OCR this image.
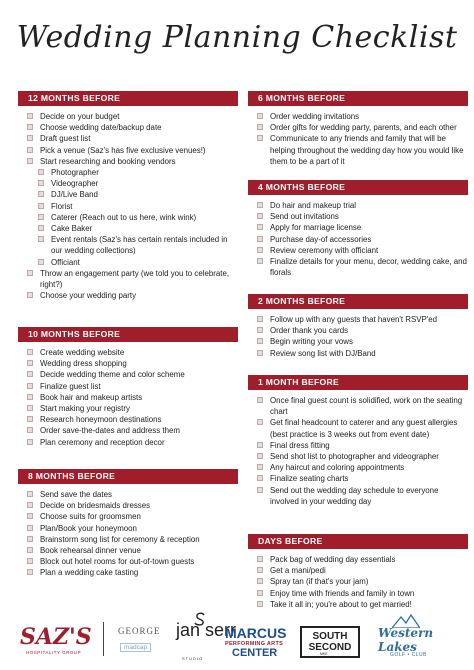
Wedding Planning Checklist
12 MONTHS BEFORE
Decide on your budget
Choose wedding date/backup date
Draft guest list
Pick a venue (Saz's has five exclusive venues!)
Start researching and booking vendors
Photographer
Videographer
DJ/Live Band
Florist
Caterer (Reach out to us here, wink wink)
Cake Baker
Event rentals (Saz's has certain rentals included in our wedding collections)
Officiant
Throw an engagement party (we told you to celebrate, right?)
Choose your wedding party
10 MONTHS BEFORE
Create wedding website
Wedding dress shopping
Decide wedding theme and color scheme
Finalize guest list
Book hair and makeup artists
Start making your registry
Research honeymoon destinations
Order save-the-dates and address them
Plan ceremony and reception decor
8 MONTHS BEFORE
Send save the dates
Decide on bridesmaids dresses
Choose suits for groomsmen
Plan/Book your honeymoon
Brainstorm song list for ceremony & reception
Book rehearsal dinner venue
Block out hotel rooms for out-of-town guests
Plan a wedding cake tasting
6 MONTHS BEFORE
Order wedding invitations
Order gifts for wedding party, parents, and each other
Communicate to any friends and family that will be helping throughout the wedding day how you would like them to be a part of it
4 MONTHS BEFORE
Do hair and makeup trial
Send out invitations
Apply for marriage license
Purchase day-of accessories
Review ceremony with officiant
Finalize details for your menu, decor, wedding cake, and florals
2 MONTHS BEFORE
Follow up with any guests that haven't RSVP'ed
Order thank you cards
Begin writing your vows
Review song list with DJ/Band
1 MONTH BEFORE
Once final guest count is solidified, work on the seating chart
Get final headcount to caterer and any guest allergies (best practice is 3 weeks out from event date)
Final dress fitting
Send shot list to photographer and videographer
Any haircut and coloring appointments
Finalize seating charts
Send out the wedding day schedule to everyone involved in your wedding day
DAYS BEFORE
Pack bag of wedding day essentials
Get a mani/pedi
Spray tan (if that's your jam)
Enjoy time with friends and family in town
Take it all in; you're about to get married!
SAZ'S
HOSPITALITY GROUP
GEORGE
madcap
jan serr
STUDIO
MARCUS
PERFORMING ARTS
CENTER
SOUTH SECOND
MKE
Western Lakes
GOLF • CLUB
